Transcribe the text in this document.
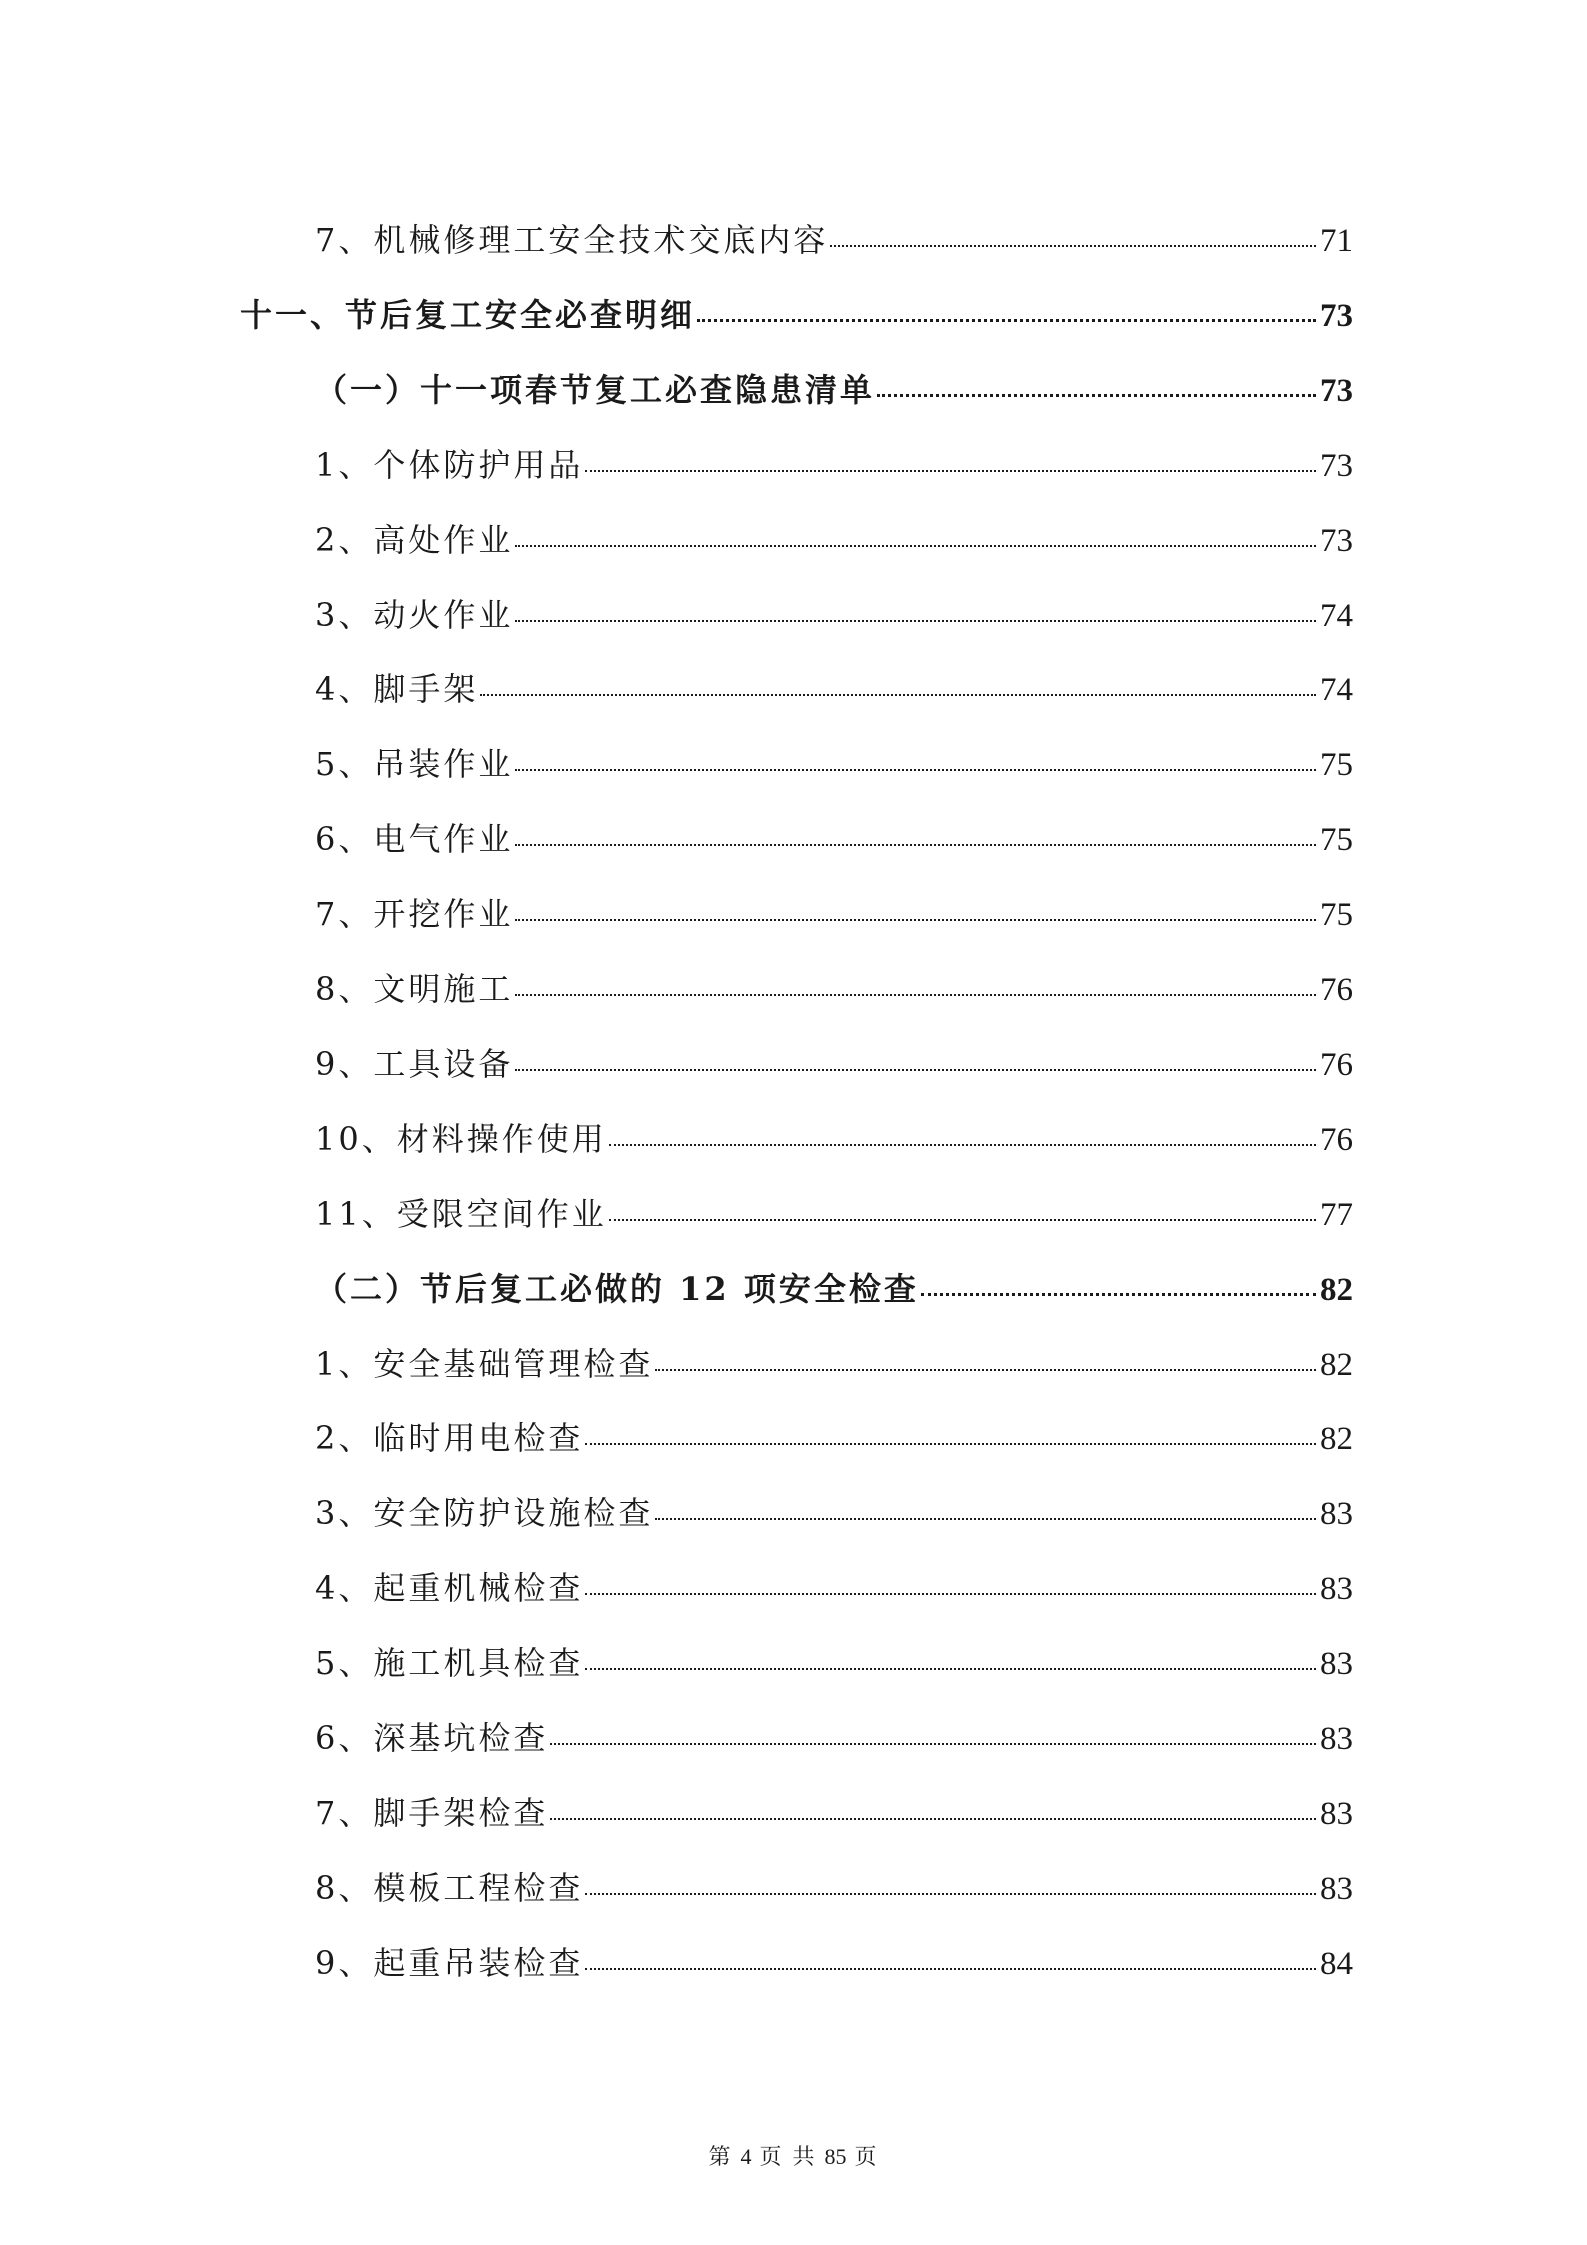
7、机械修理工安全技术交底内容	71
十一、节后复工安全必查明细	73
（一）十一项春节复工必查隐患清单	73
1、个体防护用品	73
2、高处作业	73
3、动火作业	74
4、脚手架	74
5、吊装作业	75
6、电气作业	75
7、开挖作业	75
8、文明施工	76
9、工具设备	76
10、材料操作使用	76
11、受限空间作业	77
（二）节后复工必做的 12 项安全检查	82
1、安全基础管理检查	82
2、临时用电检查	82
3、安全防护设施检查	83
4、起重机械检查	83
5、施工机具检查	83
6、深基坑检查	83
7、脚手架检查	83
8、模板工程检查	83
9、起重吊装检查	84
第 4 页 共 85 页
